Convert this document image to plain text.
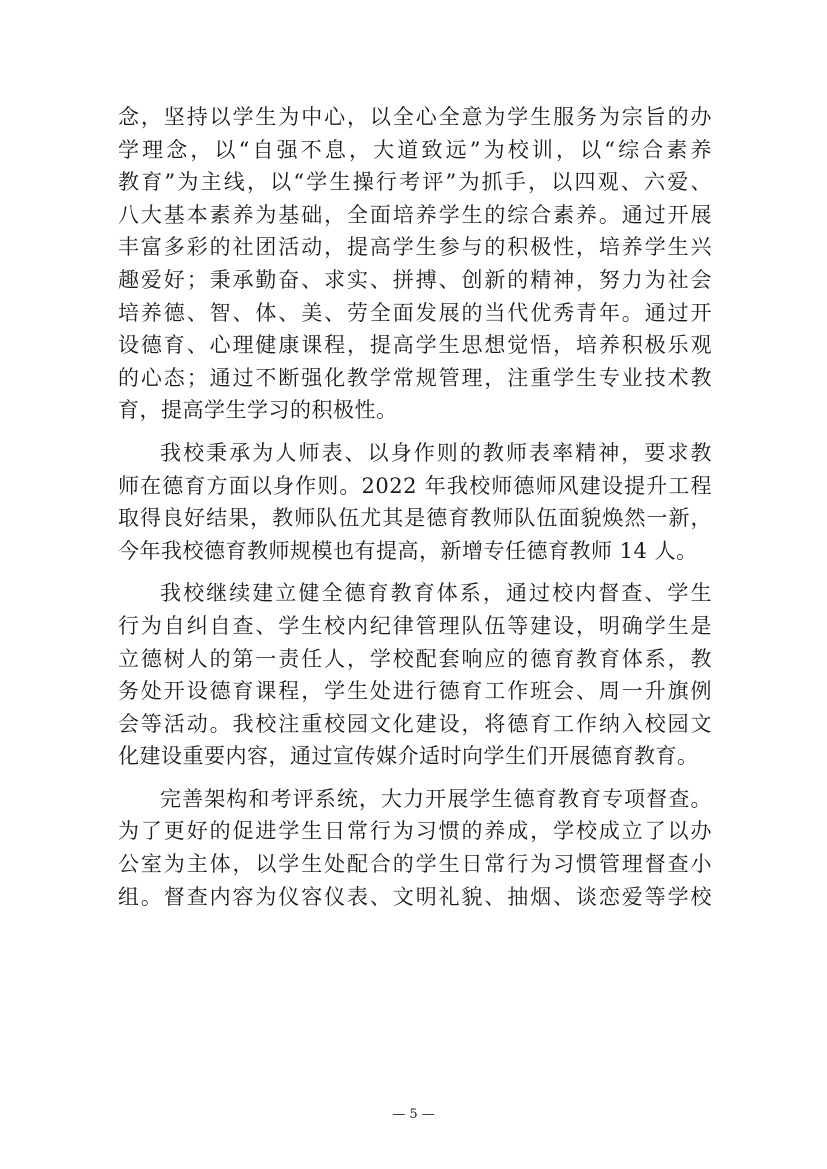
念，坚持以学生为中心，以全心全意为学生服务为宗旨的办
学理念，以“自强不息，大道致远”为校训，以“综合素养
教育”为主线，以“学生操行考评”为抓手，以四观、六爱、
八大基本素养为基础，全面培养学生的综合素养。通过开展
丰富多彩的社团活动，提高学生参与的积极性，培养学生兴
趣爱好；秉承勤奋、求实、拼搏、创新的精神，努力为社会
培养德、智、体、美、劳全面发展的当代优秀青年。通过开
设德育、心理健康课程，提高学生思想觉悟，培养积极乐观
的心态；通过不断强化教学常规管理，注重学生专业技术教
育，提高学生学习的积极性。
我校秉承为人师表、以身作则的教师表率精神，要求教
师在德育方面以身作则。2022 年我校师德师风建设提升工程
取得良好结果，教师队伍尤其是德育教师队伍面貌焕然一新，
今年我校德育教师规模也有提高，新增专任德育教师 14 人。
我校继续建立健全德育教育体系，通过校内督查、学生
行为自纠自查、学生校内纪律管理队伍等建设，明确学生是
立德树人的第一责任人，学校配套响应的德育教育体系，教
务处开设德育课程，学生处进行德育工作班会、周一升旗例
会等活动。我校注重校园文化建设，将德育工作纳入校园文
化建设重要内容，通过宣传媒介适时向学生们开展德育教育。
完善架构和考评系统，大力开展学生德育教育专项督查。
为了更好的促进学生日常行为习惯的养成，学校成立了以办
公室为主体，以学生处配合的学生日常行为习惯管理督查小
组。督查内容为仪容仪表、文明礼貌、抽烟、谈恋爱等学校
— 5 —
